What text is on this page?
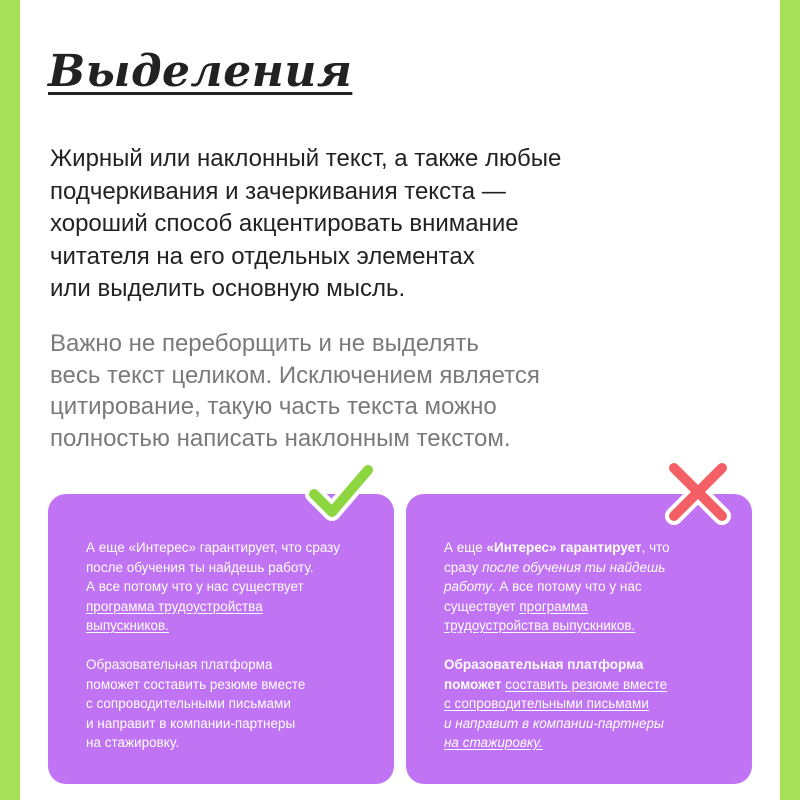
Выделения

Жирный или наклонный текст, а также любые
подчеркивания и зачеркивания текста —
хороший способ акцентировать внимание
читателя на его отдельных элементах
или выделить основную мысль.

Важно не переборщить и не выделять
весь текст целиком. Исключением является
цитирование, такую часть текста можно
полностью написать наклонным текстом.

А еще «Интерес» гарантирует, что сразу
после обучения ты найдешь работу.
А все потому что у нас существует
программа трудоустройства
выпускников.

Образовательная платформа
поможет составить резюме вместе
с сопроводительными письмами
и направит в компании-партнеры
на стажировку.

А еще «Интерес» гарантирует, что
сразу после обучения ты найдешь
работу. А все потому что у нас
существует программа
трудоустройства выпускников.

Образовательная платформа
поможет составить резюме вместе
с сопроводительными письмами
и направит в компании-партнеры
на стажировку.
